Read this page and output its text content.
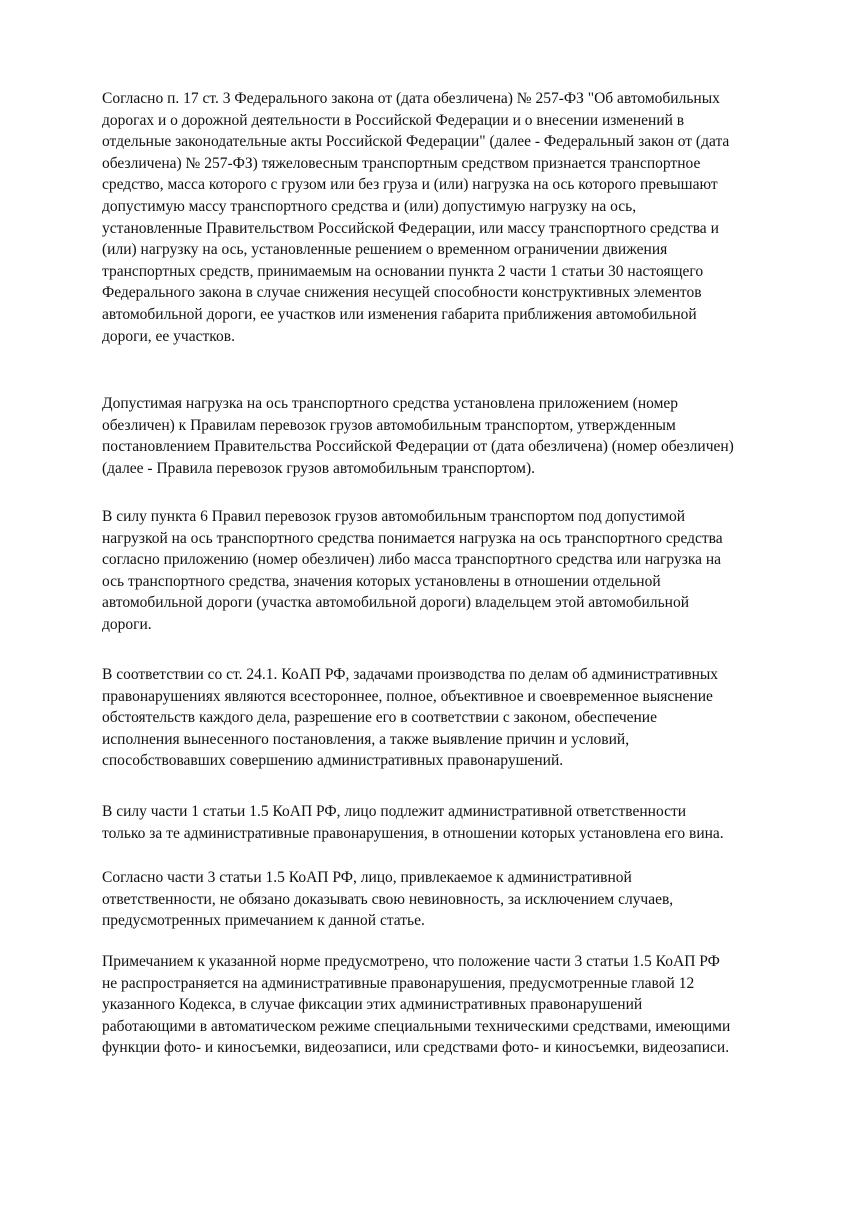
Согласно п. 17 ст. 3 Федерального закона от (дата обезличена) № 257-ФЗ "Об автомобильных
дорогах и о дорожной деятельности в Российской Федерации и о внесении изменений в
отдельные законодательные акты Российской Федерации" (далее - Федеральный закон от (дата
обезличена) № 257-ФЗ) тяжеловесным транспортным средством признается транспортное
средство, масса которого с грузом или без груза и (или) нагрузка на ось которого превышают
допустимую массу транспортного средства и (или) допустимую нагрузку на ось,
установленные Правительством Российской Федерации, или массу транспортного средства и
(или) нагрузку на ось, установленные решением о временном ограничении движения
транспортных средств, принимаемым на основании пункта 2 части 1 статьи 30 настоящего
Федерального закона в случае снижения несущей способности конструктивных элементов
автомобильной дороги, ее участков или изменения габарита приближения автомобильной
дороги, ее участков.

Допустимая нагрузка на ось транспортного средства установлена приложением (номер
обезличен) к Правилам перевозок грузов автомобильным транспортом, утвержденным
постановлением Правительства Российской Федерации от (дата обезличена) (номер обезличен)
(далее - Правила перевозок грузов автомобильным транспортом).

В силу пункта 6 Правил перевозок грузов автомобильным транспортом под допустимой
нагрузкой на ось транспортного средства понимается нагрузка на ось транспортного средства
согласно приложению (номер обезличен) либо масса транспортного средства или нагрузка на
ось транспортного средства, значения которых установлены в отношении отдельной
автомобильной дороги (участка автомобильной дороги) владельцем этой автомобильной
дороги.

В соответствии со ст. 24.1. КоАП РФ, задачами производства по делам об административных
правонарушениях являются всестороннее, полное, объективное и своевременное выяснение
обстоятельств каждого дела, разрешение его в соответствии с законом, обеспечение
исполнения вынесенного постановления, а также выявление причин и условий,
способствовавших совершению административных правонарушений.

В силу части 1 статьи 1.5 КоАП РФ, лицо подлежит административной ответственности
только за те административные правонарушения, в отношении которых установлена его вина.

Согласно части 3 статьи 1.5 КоАП РФ, лицо, привлекаемое к административной
ответственности, не обязано доказывать свою невиновность, за исключением случаев,
предусмотренных примечанием к данной статье.

Примечанием к указанной норме предусмотрено, что положение части 3 статьи 1.5 КоАП РФ
не распространяется на административные правонарушения, предусмотренные главой 12
указанного Кодекса, в случае фиксации этих административных правонарушений
работающими в автоматическом режиме специальными техническими средствами, имеющими
функции фото- и киносъемки, видеозаписи, или средствами фото- и киносъемки, видеозаписи.
